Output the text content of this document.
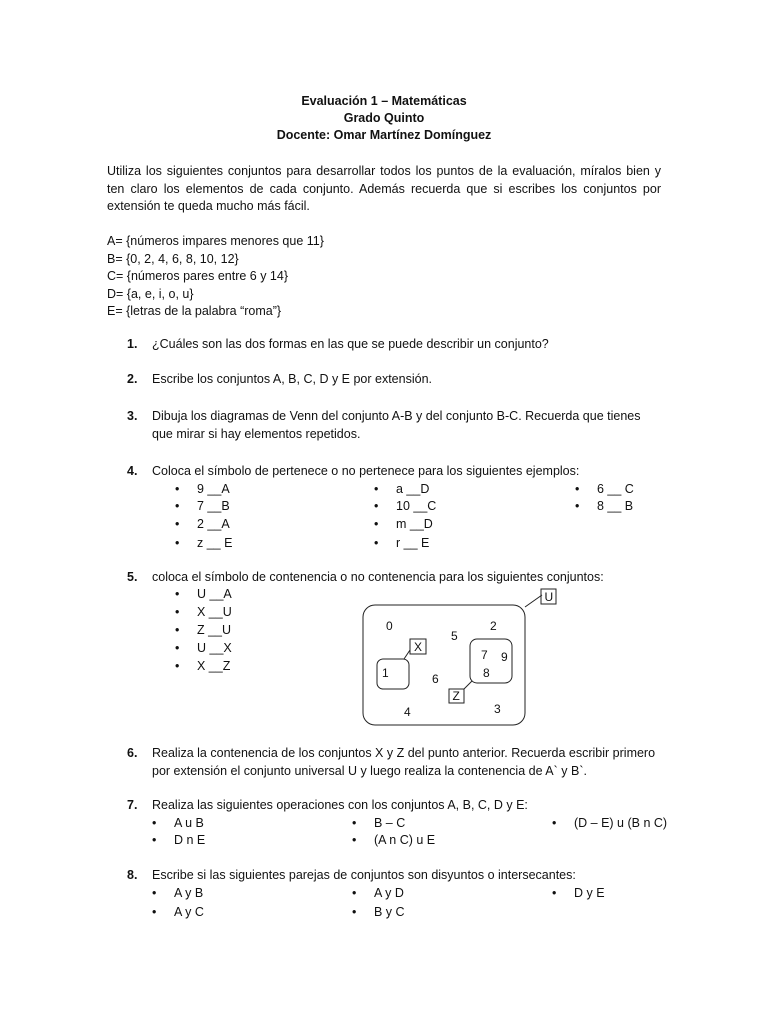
Evaluación 1 – Matemáticas
Grado Quinto
Docente: Omar Martínez Domínguez
Utiliza los siguientes conjuntos para desarrollar todos los puntos de la evaluación, míralos bien y ten claro los elementos de cada conjunto. Además recuerda que si escribes los conjuntos por extensión te queda mucho más fácil.
A= {números impares menores que 11}
B= {0, 2, 4, 6, 8, 10, 12}
C= {números pares entre 6 y 14}
D= {a, e, i, o, u}
E= {letras de la palabra “roma”}
1. ¿Cuáles son las dos formas en las que se puede describir un conjunto?
2. Escribe los conjuntos A, B, C, D y E por extensión.
3. Dibuja los diagramas de Venn del conjunto A-B y del conjunto B-C. Recuerda que tienes
que mirar si hay elementos repetidos.
4. Coloca el símbolo de pertenece o no pertenece para los siguientes ejemplos:
• 9 __A
• 7 __B
• 2 __A
• z __ E
• a __D
• 10 __C
• m __D
• r __ E
• 6 __ C
• 8 __ B
5. coloca el símbolo de contenencia o no contenencia para los siguientes conjuntos:
• U __A
• X __U
• Z __U
• U __X
• X __Z
U
X
Z
0
5
2
1
7 9
8
6
4	3
6. Realiza la contenencia de los conjuntos X y Z del punto anterior. Recuerda escribir primero
por extensión el conjunto universal U y luego realiza la contenencia de A` y B`.
7. Realiza las siguientes operaciones con los conjuntos A, B, C, D y E:
• A u B
• D n E
• B – C
• (A n C) u E
• (D – E) u (B n C)
8. Escribe si las siguientes parejas de conjuntos son disyuntos o intersecantes:
• A y B
• A y C
• A y D
• B y C
• D y E
